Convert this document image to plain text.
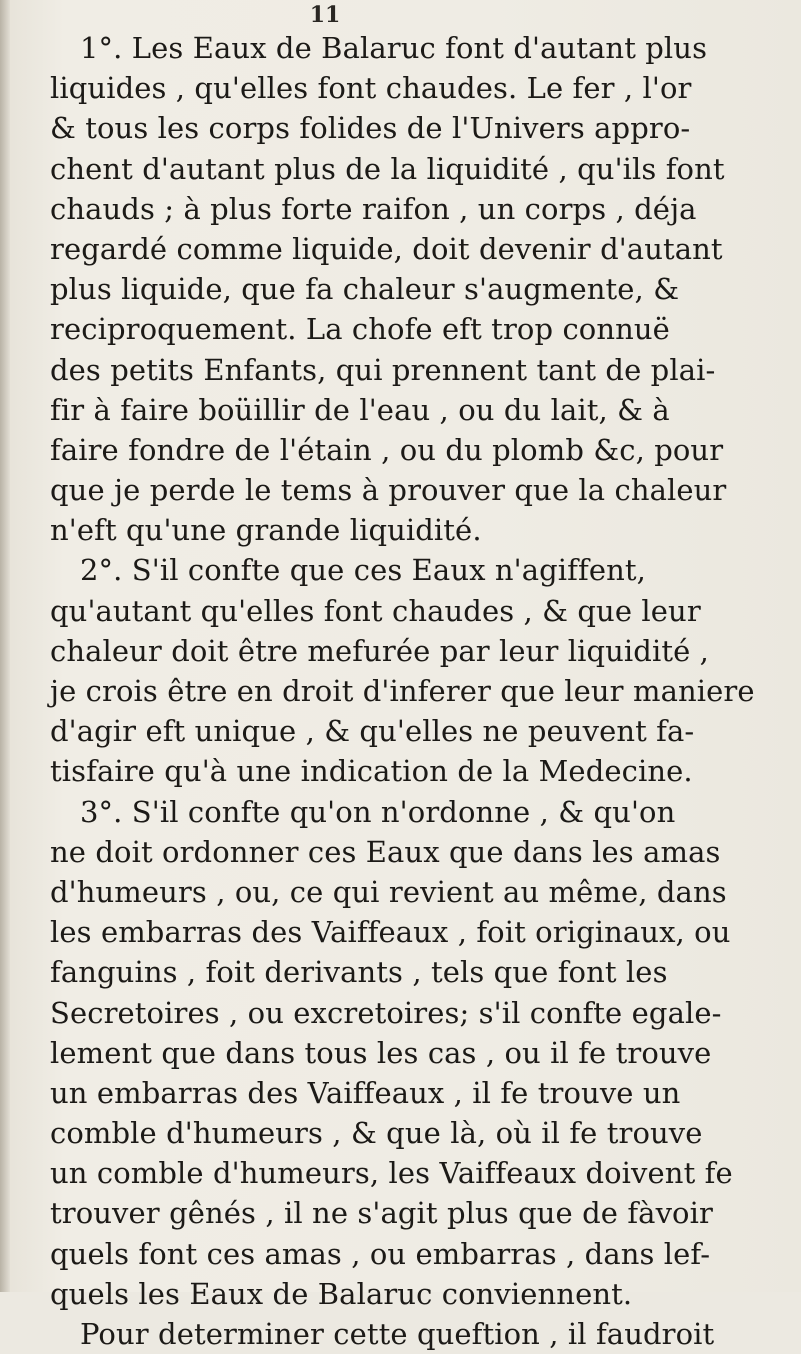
11
1°. Les Eaux de Balaruc font d'autant plus
liquides , qu'elles font chaudes. Le fer , l'or
& tous les corps folides de l'Univers appro-
chent d'autant plus de la liquidité , qu'ils font
chauds ; à plus forte raifon , un corps , déja
regardé comme liquide, doit devenir d'autant
plus liquide, que fa chaleur s'augmente, &
reciproquement. La chofe eft trop connuë
des petits Enfants, qui prennent tant de plai-
fir à faire boüillir de l'eau , ou du lait, & à
faire fondre de l'étain , ou du plomb &c, pour
que je perde le tems à prouver que la chaleur
n'eft qu'une grande liquidité.
2°. S'il confte que ces Eaux n'agiffent,
qu'autant qu'elles font chaudes , & que leur
chaleur doit être mefurée par leur liquidité ,
je crois être en droit d'inferer que leur maniere
d'agir eft unique , & qu'elles ne peuvent fa-
tisfaire qu'à une indication de la Medecine.
3°. S'il confte qu'on n'ordonne , & qu'on
ne doit ordonner ces Eaux que dans les amas
d'humeurs , ou, ce qui revient au même, dans
les embarras des Vaiffeaux , foit originaux, ou
fanguins , foit derivants , tels que font les
Secretoires , ou excretoires; s'il confte egale-
lement que dans tous les cas , ou il fe trouve
un embarras des Vaiffeaux , il fe trouve un
comble d'humeurs , & que là, où il fe trouve
un comble d'humeurs, les Vaiffeaux doivent fe
trouver gênés , il ne s'agit plus que de fàvoir
quels font ces amas , ou embarras , dans lef-
quels les Eaux de Balaruc conviennent.
Pour determiner cette queftion , il faudroit
